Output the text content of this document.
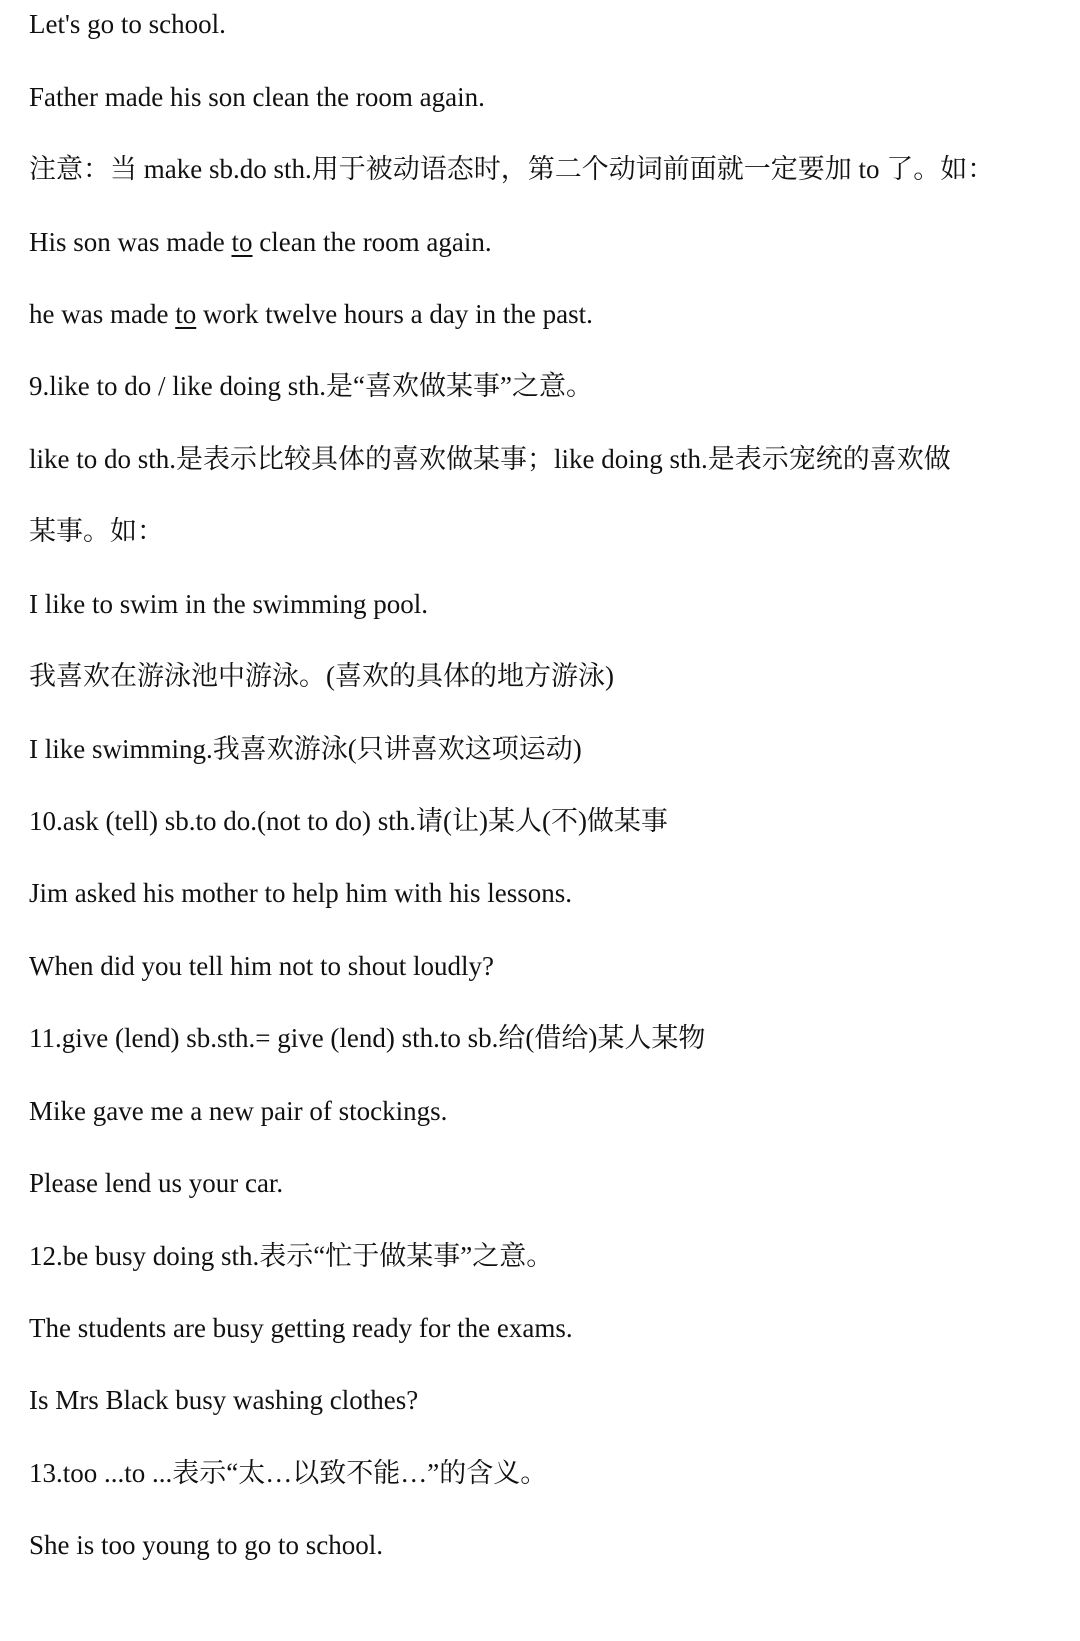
Let's go to school.
Father made his son clean the room again.
注意：当 make sb.do sth.用于被动语态时，第二个动词前面就一定要加 to 了。如：
His son was made to clean the room again.
he was made to work twelve hours a day in the past.
9.like to do / like doing sth.是“喜欢做某事”之意。
like to do sth.是表示比较具体的喜欢做某事；like doing sth.是表示宠统的喜欢做
某事。如：
I like to swim in the swimming pool.
我喜欢在游泳池中游泳。(喜欢的具体的地方游泳)
I like swimming.我喜欢游泳(只讲喜欢这项运动)
10.ask (tell) sb.to do.(not to do) sth.请(让)某人(不)做某事
Jim asked his mother to help him with his lessons.
When did you tell him not to shout loudly?
11.give (lend) sb.sth.= give (lend) sth.to sb.给(借给)某人某物
Mike gave me a new pair of stockings.
Please lend us your car.
12.be busy doing sth.表示“忙于做某事”之意。
The students are busy getting ready for the exams.
Is Mrs Black busy washing clothes?
13.too ...to ...表示“太…以致不能…”的含义。
She is too young to go to school.
